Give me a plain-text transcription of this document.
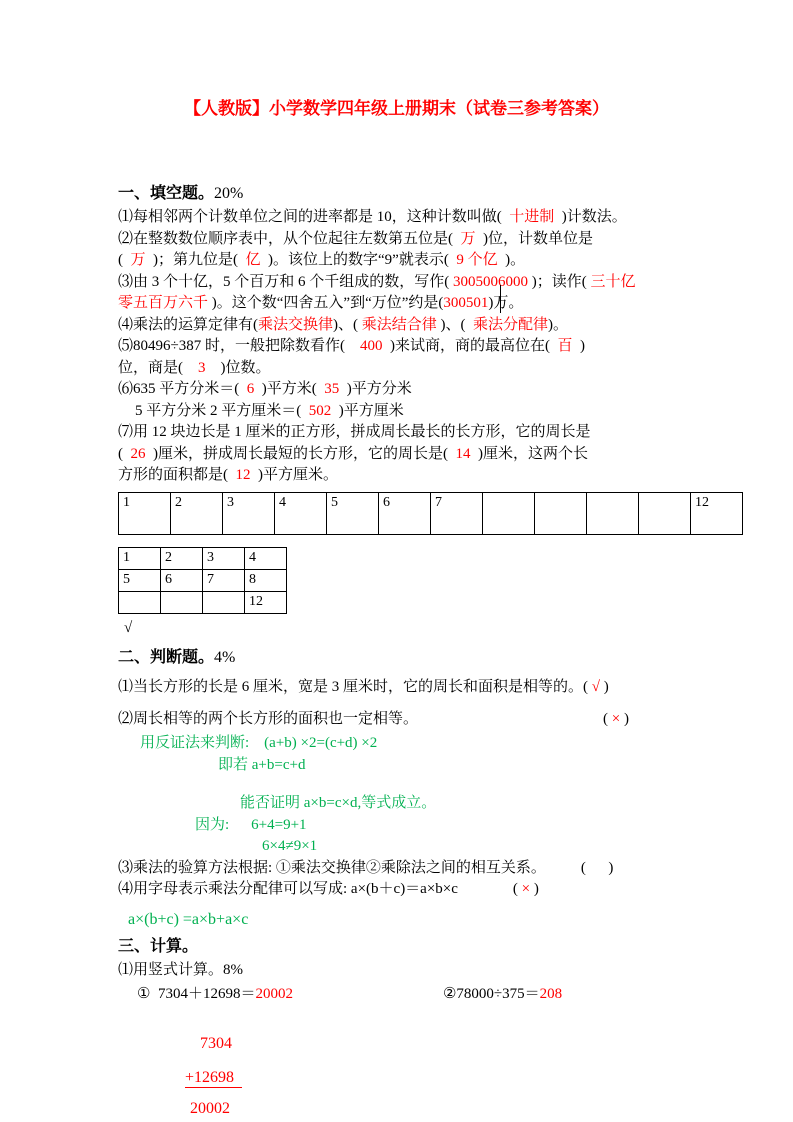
【人教版】小学数学四年级上册期末（试卷三参考答案）
一、填空题。20%
⑴每相邻两个计数单位之间的进率都是 10，这种计数叫做(  十进制  )计数法。
⑵在整数数位顺序表中，从个位起往左数第五位是(  万  )位，计数单位是
(  万  )；第九位是(  亿  )。该位上的数字“9”就表示(  9 个亿  )。
⑶由 3 个十亿，5 个百万和 6 个千组成的数，写作( 3005006000 )；读作( 三十亿
零五百万六千 )。这个数“四舍五入”到“万位”约是(300501)万。
⑷乘法的运算定律有(乘法交换律)、( 乘法结合律 )、(  乘法分配律)。
⑸80496÷387 时，一般把除数看作(    400  )来试商，商的最高位在(  百  )
位，商是(    3    )位数。
⑹635 平方分米＝(  6  )平方米(  35  )平方分米
5 平方分米 2 平方厘米＝(  502  )平方厘米
⑺用 12 块边长是 1 厘米的正方形，拼成周长最长的长方形，它的周长是
(  26  )厘米，拼成周长最短的长方形，它的周长是(  14  )厘米，这两个长
方形的面积都是(  12  )平方厘米。
1	2	3	4	5	6	7					12
1	2	3	4
5	6	7	8
			12
√
二、判断题。4%
⑴当长方形的长是 6 厘米，宽是 3 厘米时，它的周长和面积是相等的。( √ )
⑵周长相等的两个长方形的面积也一定相等。	( × )
用反证法来判断:　(a+b) ×2=(c+d) ×2
即若 a+b=c+d
能否证明 a×b=c×d,等式成立。
因为: 6+4=9+1
6×4≠9×1
⑶乘法的验算方法根据: ①乘法交换律②乘除法之间的相互关系。 (      )
⑷用字母表示乘法分配律可以写成: a×(b＋c)＝a×b×c	( × )
a×(b+c) =a×b+a×c
三、计算。
⑴用竖式计算。8%
①  7304＋12698＝20002	②78000÷375＝208
7304
+12698
20002
